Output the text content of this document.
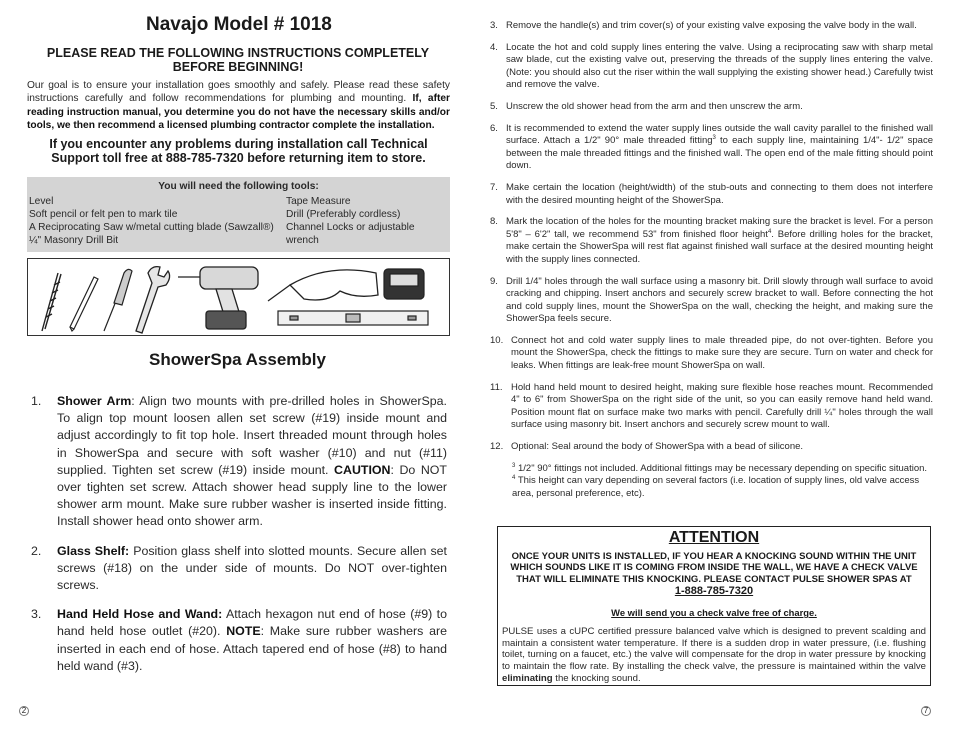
Navajo Model # 1018
PLEASE READ THE FOLLOWING INSTRUCTIONS COMPLETELY BEFORE BEGINNING!
Our goal is to ensure your installation goes smoothly and safely. Please read these safety instructions carefully and follow recommendations for plumbing and mounting. If, after reading instruction manual, you determine you do not have the necessary skills and/or tools, we then recommend a licensed plumbing contractor complete the installation.
If you encounter any problems during installation call Technical Support toll free at 888-785-7320 before returning item to store.
You will need the following tools:
Level
Soft pencil or felt pen to mark tile
A Reciprocating Saw w/metal cutting blade (Sawzall®)
¼" Masonry Drill Bit
Tape Measure
Drill (Preferably cordless)
Channel Locks or adjustable wrench
ShowerSpa Assembly
1. Shower Arm: Align two mounts with pre-drilled holes in ShowerSpa. To align top mount loosen allen set screw (#19) inside mount and adjust accordingly to fit top hole. Insert threaded mount through holes in ShowerSpa and secure with soft washer (#10) and nut (#11) supplied. Tighten set screw (#19) inside mount. CAUTION: Do NOT over tighten set screw. Attach shower head supply line to the lower shower arm mount. Make sure rubber washer is inserted inside fitting. Install shower head onto shower arm.
2. Glass Shelf: Position glass shelf into slotted mounts. Secure allen set screws (#18) on the under side of mounts. Do NOT over-tighten screws.
3. Hand Held Hose and Wand: Attach hexagon nut end of hose (#9) to hand held hose outlet (#20). NOTE: Make sure rubber washers are inserted in each end of hose. Attach tapered end of hose (#8) to hand held wand (#3).
2
3. Remove the handle(s) and trim cover(s) of your existing valve exposing the valve body in the wall.
4. Locate the hot and cold supply lines entering the valve. Using a reciprocating saw with sharp metal saw blade, cut the existing valve out, preserving the threads of the supply lines entering the valve. (Note: you should also cut the riser within the wall supplying the existing shower head.) Carefully twist and remove the valve.
5. Unscrew the old shower head from the arm and then unscrew the arm.
6. It is recommended to extend the water supply lines outside the wall cavity parallel to the finished wall surface. Attach a 1/2" 90° male threaded fitting$^3$ to each supply line, maintaining 1/4"- 1/2" space between the male threaded fittings and the finished wall. The open end of the male fitting should point down.
7. Make certain the location (height/width) of the stub-outs and connecting to them does not interfere with the desired mounting height of the ShowerSpa.
8. Mark the location of the holes for the mounting bracket making sure the bracket is level. For a person 5'8" – 6'2" tall, we recommend 53" from finished floor height$^4$. Before drilling holes for the bracket, make certain the ShowerSpa will rest flat against finished wall surface at the desired mounting height with the supply lines connected.
9. Drill 1/4" holes through the wall surface using a masonry bit. Drill slowly through wall surface to avoid cracking and chipping. Insert anchors and securely screw bracket to wall. Before connecting the hot and cold supply lines, mount the ShowerSpa on the wall, checking the height, and making sure the ShowerSpa feels secure.
10. Connect hot and cold water supply lines to male threaded pipe, do not over-tighten. Before you mount the ShowerSpa, check the fittings to make sure they are secure. Turn on water and check for leaks. When fittings are leak-free mount ShowerSpa on wall.
11. Hold hand held mount to desired height, making sure flexible hose reaches mount. Recommended 4" to 6" from ShowerSpa on the right side of the unit, so you can easily remove hand held wand. Position mount flat on surface make two marks with pencil. Carefully drill ¼" holes through the wall surface using masonry bit. Insert anchors and securely screw mount to wall.
12. Optional: Seal around the body of ShowerSpa with a bead of silicone.
$^3$ 1/2" 90° fittings not included. Additional fittings may be necessary depending on specific situation.
$^4$ This height can vary depending on several factors (i.e. location of supply lines, old valve access area, personal preference, etc).
ATTENTION
ONCE YOUR UNITS IS INSTALLED, IF YOU HEAR A KNOCKING SOUND WITHIN THE UNIT WHICH SOUNDS LIKE IT IS COMING FROM INSIDE THE WALL, WE HAVE A CHECK VALVE THAT WILL ELIMINATE THIS KNOCKING. PLEASE CONTACT PULSE SHOWER SPAS AT
1-888-785-7320
We will send you a check valve free of charge.
PULSE uses a cUPC certified pressure balanced valve which is designed to prevent scalding and maintain a consistent water temperature. If there is a sudden drop in water pressure, (i.e. flushing toilet, turning on a faucet, etc.) the valve will compensate for the drop in water pressure by knocking to maintain the flow rate. By installing the check valve, the pressure is maintained within the valve eliminating the knocking sound.
7
